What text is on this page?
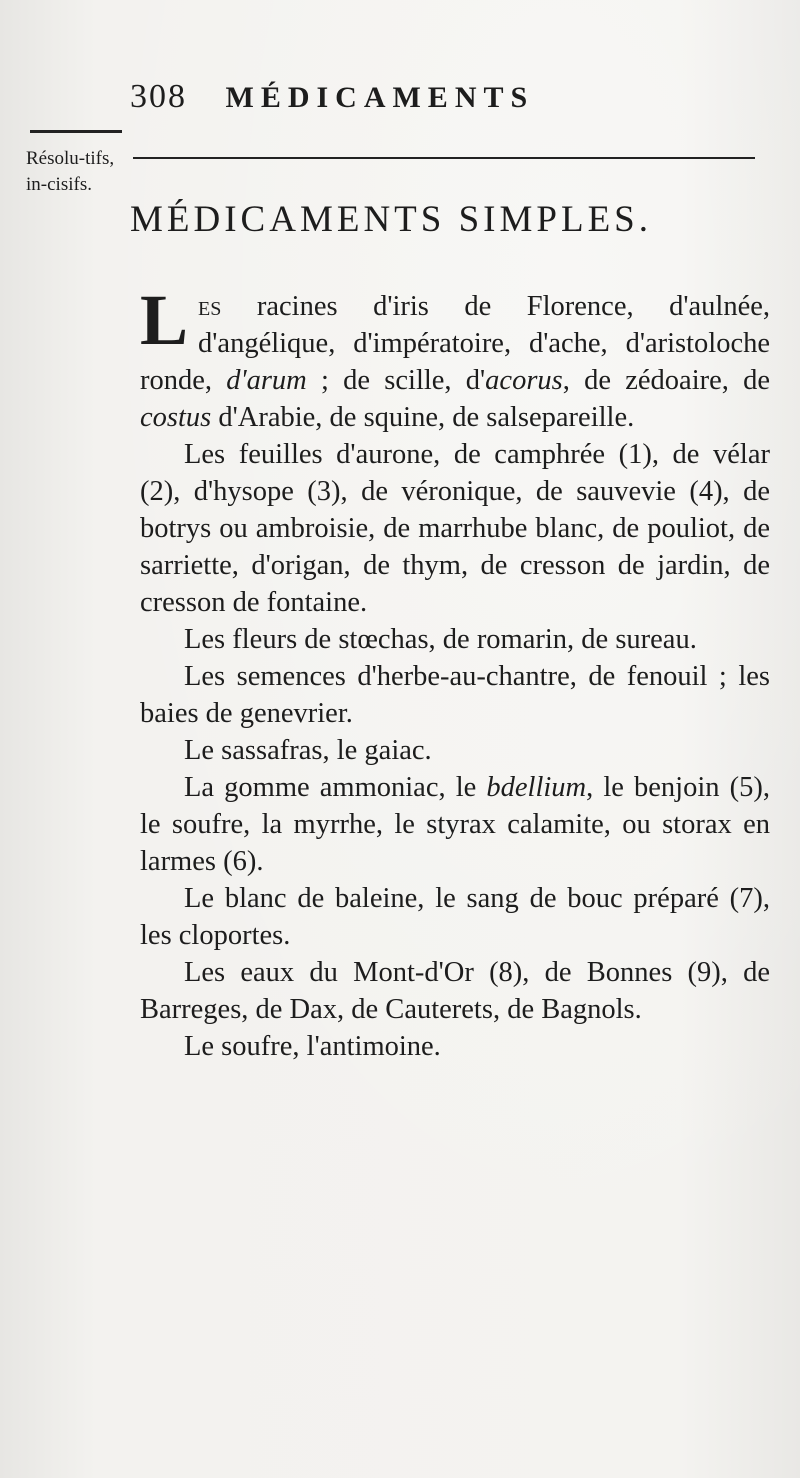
308 MÉDICAMENTS
Résolu-tifs, in-cisifs.
MÉDICAMENTS SIMPLES.

Les racines d'iris de Florence, d'aulnée, d'angélique, d'impératoire, d'ache, d'aristoloche ronde, d'arum ; de scille, d'acorus, de zédoaire, de costus d'Arabie, de squine, de salsepareille.

Les feuilles d'aurone, de camphrée (1), de vélar (2), d'hysope (3), de véronique, de sauvevie (4), de botrys ou ambroisie, de marrhube blanc, de pouliot, de sarriette, d'origan, de thym, de cresson de jardin, de cresson de fontaine.

Les fleurs de stœchas, de romarin, de sureau.

Les semences d'herbe-au-chantre, de fenouil ; les baies de genevrier.

Le sassafras, le gaiac.

La gomme ammoniac, le bdellium, le benjoin (5), le soufre, la myrrhe, le styrax calamite, ou storax en larmes (6).

Le blanc de baleine, le sang de bouc préparé (7), les cloportes.

Les eaux du Mont-d'Or (8), de Bonnes (9), de Barreges, de Dax, de Cauterets, de Bagnols.

Le soufre, l'antimoine.
